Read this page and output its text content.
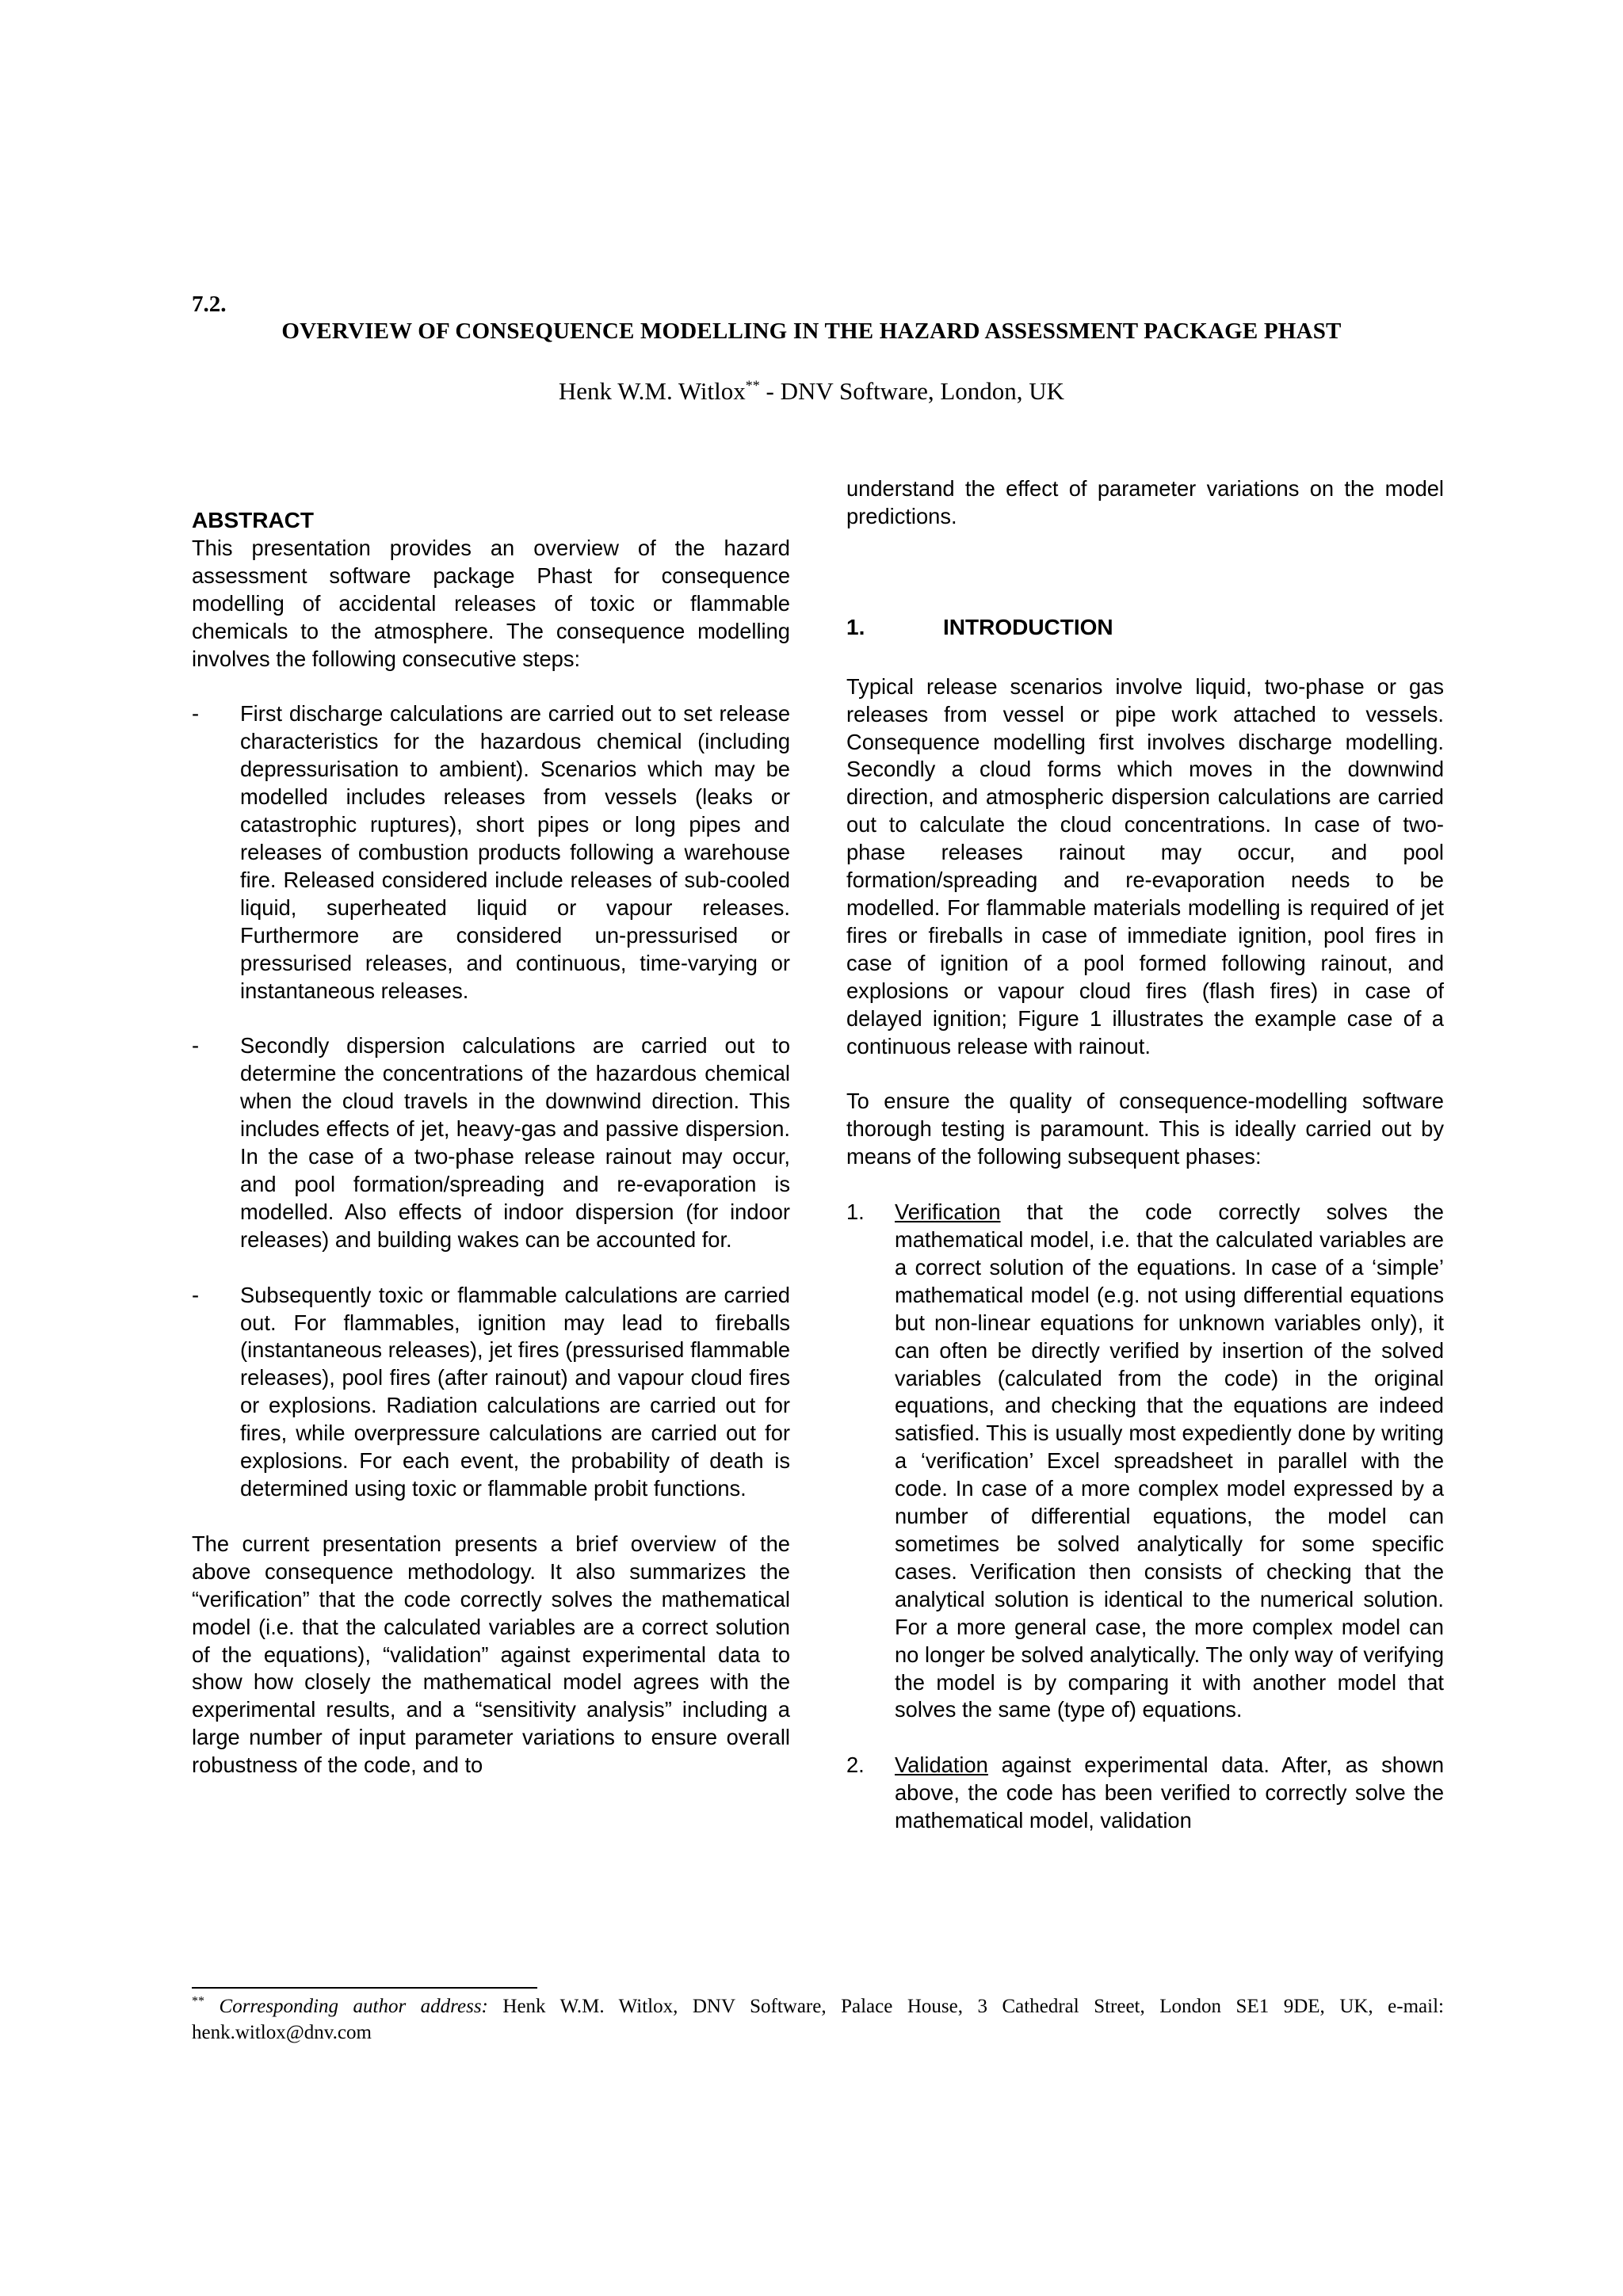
7.2.
OVERVIEW OF CONSEQUENCE MODELLING IN THE HAZARD ASSESSMENT PACKAGE PHAST
Henk W.M. Witlox** - DNV Software, London, UK

ABSTRACT

This presentation provides an overview of the hazard assessment software package Phast for consequence modelling of accidental releases of toxic or flammable chemicals to the atmosphere. The consequence modelling involves the following consecutive steps:

- First discharge calculations are carried out to set release characteristics for the hazardous chemical (including depressurisation to ambient). Scenarios which may be modelled includes releases from vessels (leaks or catastrophic ruptures), short pipes or long pipes and releases of combustion products following a warehouse fire. Released considered include releases of sub-cooled liquid, superheated liquid or vapour releases. Furthermore are considered un-pressurised or pressurised releases, and continuous, time-varying or instantaneous releases.
- Secondly dispersion calculations are carried out to determine the concentrations of the hazardous chemical when the cloud travels in the downwind direction. This includes effects of jet, heavy-gas and passive dispersion. In the case of a two-phase release rainout may occur, and pool formation/spreading and re-evaporation is modelled. Also effects of indoor dispersion (for indoor releases) and building wakes can be accounted for.
- Subsequently toxic or flammable calculations are carried out. For flammables, ignition may lead to fireballs (instantaneous releases), jet fires (pressurised flammable releases), pool fires (after rainout) and vapour cloud fires or explosions. Radiation calculations are carried out for fires, while overpressure calculations are carried out for explosions. For each event, the probability of death is determined using toxic or flammable probit functions.

The current presentation presents a brief overview of the above consequence methodology. It also summarizes the “verification” that the code correctly solves the mathematical model (i.e. that the calculated variables are a correct solution of the equations), “validation” against experimental data to show how closely the mathematical model agrees with the experimental results, and a “sensitivity analysis” including a large number of input parameter variations to ensure overall robustness of the code, and to

understand the effect of parameter variations on the model predictions.

1.	INTRODUCTION

Typical release scenarios involve liquid, two-phase or gas releases from vessel or pipe work attached to vessels. Consequence modelling first involves discharge modelling. Secondly a cloud forms which moves in the downwind direction, and atmospheric dispersion calculations are carried out to calculate the cloud concentrations. In case of two-phase releases rainout may occur, and pool formation/spreading and re-evaporation needs to be modelled. For flammable materials modelling is required of jet fires or fireballs in case of immediate ignition, pool fires in case of ignition of a pool formed following rainout, and explosions or vapour cloud fires (flash fires) in case of delayed ignition; Figure 1 illustrates the example case of a continuous release with rainout.

To ensure the quality of consequence-modelling software thorough testing is paramount. This is ideally carried out by means of the following subsequent phases:

1. Verification that the code correctly solves the mathematical model, i.e. that the calculated variables are a correct solution of the equations. In case of a ‘simple’ mathematical model (e.g. not using differential equations but non-linear equations for unknown variables only), it can often be directly verified by insertion of the solved variables (calculated from the code) in the original equations, and checking that the equations are indeed satisfied. This is usually most expediently done by writing a ‘verification’ Excel spreadsheet in parallel with the code. In case of a more complex model expressed by a number of differential equations, the model can sometimes be solved analytically for some specific cases. Verification then consists of checking that the analytical solution is identical to the numerical solution. For a more general case, the more complex model can no longer be solved analytically. The only way of verifying the model is by comparing it with another model that solves the same (type of) equations.
2. Validation against experimental data. After, as shown above, the code has been verified to correctly solve the mathematical model, validation
** Corresponding author address: Henk W.M. Witlox, DNV Software, Palace House, 3 Cathedral Street, London SE1 9DE, UK, e-mail: henk.witlox@dnv.com
